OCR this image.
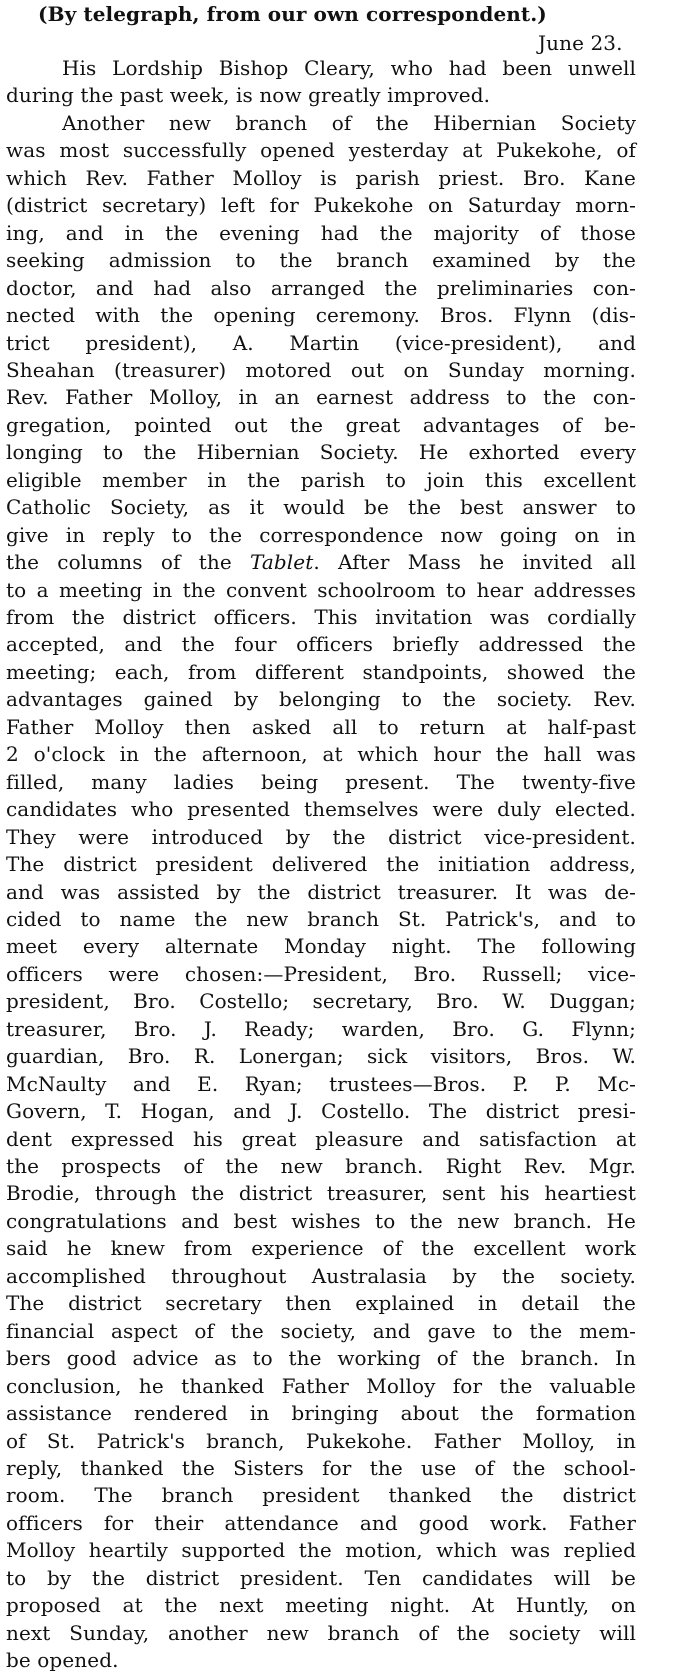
(By telegraph, from our own correspondent.)
June 23.
His Lordship Bishop Cleary, who had been unwell
during the past week, is now greatly improved.
Another new branch of the Hibernian Society
was most successfully opened yesterday at Pukekohe, of
which Rev. Father Molloy is parish priest. Bro. Kane
(district secretary) left for Pukekohe on Saturday morn-
ing, and in the evening had the majority of those
seeking admission to the branch examined by the
doctor, and had also arranged the preliminaries con-
nected with the opening ceremony. Bros. Flynn (dis-
trict president), A. Martin (vice-president), and
Sheahan (treasurer) motored out on Sunday morning.
Rev. Father Molloy, in an earnest address to the con-
gregation, pointed out the great advantages of be-
longing to the Hibernian Society. He exhorted every
eligible member in the parish to join this excellent
Catholic Society, as it would be the best answer to
give in reply to the correspondence now going on in
the columns of the Tablet. After Mass he invited all
to a meeting in the convent schoolroom to hear addresses
from the district officers. This invitation was cordially
accepted, and the four officers briefly addressed the
meeting; each, from different standpoints, showed the
advantages gained by belonging to the society. Rev.
Father Molloy then asked all to return at half-past
2 o'clock in the afternoon, at which hour the hall was
filled, many ladies being present. The twenty-five
candidates who presented themselves were duly elected.
They were introduced by the district vice-president.
The district president delivered the initiation address,
and was assisted by the district treasurer. It was de-
cided to name the new branch St. Patrick's, and to
meet every alternate Monday night. The following
officers were chosen:—President, Bro. Russell; vice-
president, Bro. Costello; secretary, Bro. W. Duggan;
treasurer, Bro. J. Ready; warden, Bro. G. Flynn;
guardian, Bro. R. Lonergan; sick visitors, Bros. W.
McNaulty and E. Ryan; trustees—Bros. P. P. Mc-
Govern, T. Hogan, and J. Costello. The district presi-
dent expressed his great pleasure and satisfaction at
the prospects of the new branch. Right Rev. Mgr.
Brodie, through the district treasurer, sent his heartiest
congratulations and best wishes to the new branch. He
said he knew from experience of the excellent work
accomplished throughout Australasia by the society.
The district secretary then explained in detail the
financial aspect of the society, and gave to the mem-
bers good advice as to the working of the branch. In
conclusion, he thanked Father Molloy for the valuable
assistance rendered in bringing about the formation
of St. Patrick's branch, Pukekohe. Father Molloy, in
reply, thanked the Sisters for the use of the school-
room. The branch president thanked the district
officers for their attendance and good work. Father
Molloy heartily supported the motion, which was replied
to by the district president. Ten candidates will be
proposed at the next meeting night. At Huntly, on
next Sunday, another new branch of the society will
be opened.
